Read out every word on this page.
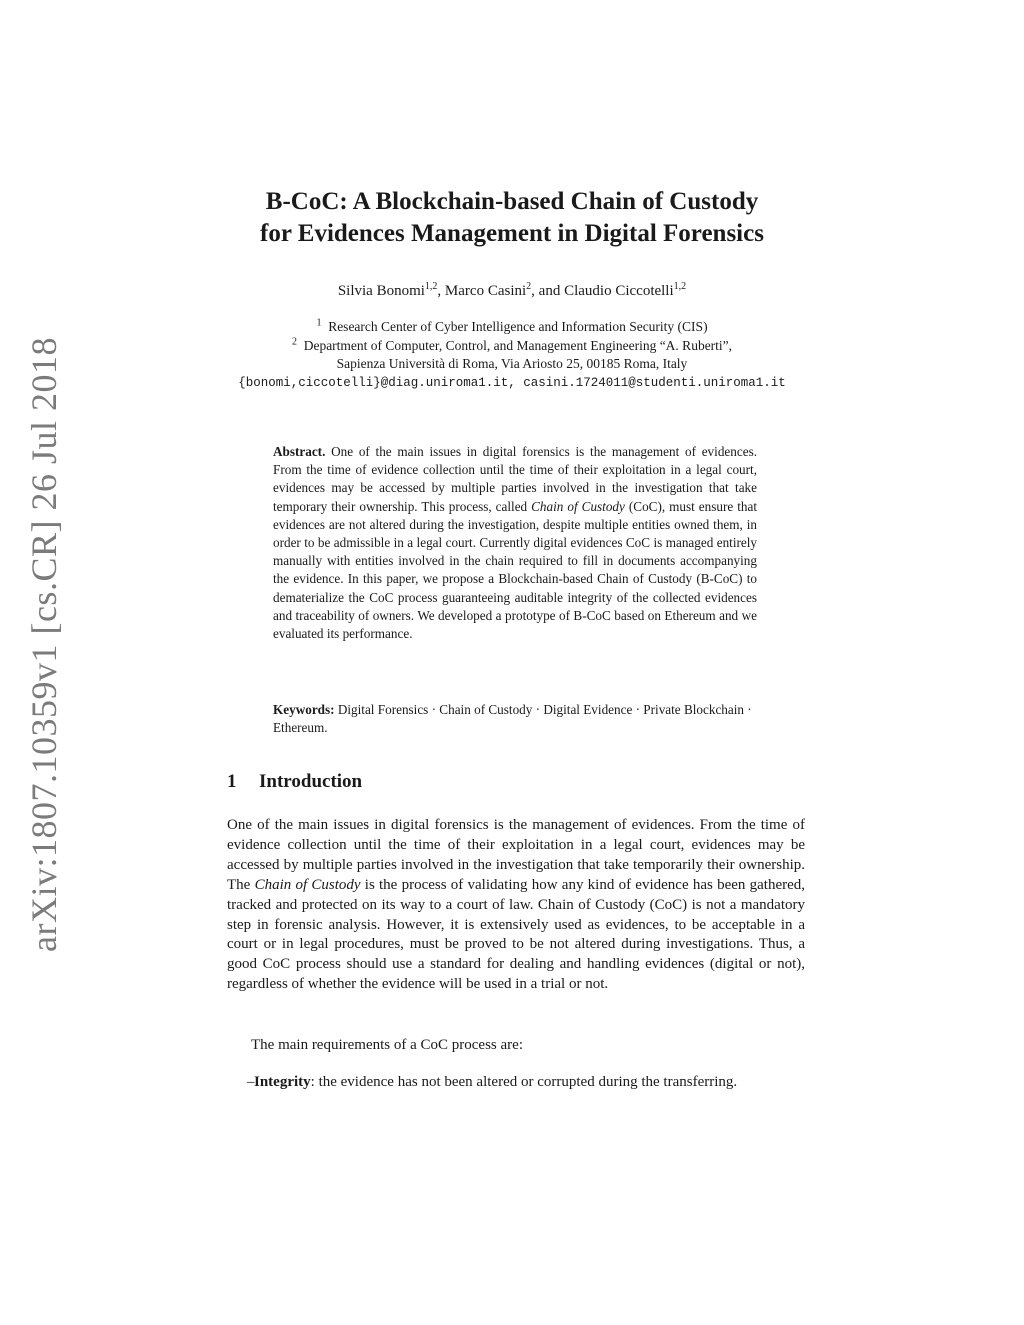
arXiv:1807.10359v1 [cs.CR] 26 Jul 2018
B-CoC: A Blockchain-based Chain of Custody
for Evidences Management in Digital Forensics
Silvia Bonomi$^{1,2}$, Marco Casini$^2$, and Claudio Ciccotelli$^{1,2}$
$^1$ Research Center of Cyber Intelligence and Information Security (CIS)
$^2$ Department of Computer, Control, and Management Engineering “A. Ruberti”,
Sapienza Università di Roma, Via Ariosto 25, 00185 Roma, Italy
{bonomi,ciccotelli}@diag.uniroma1.it, casini.1724011@studenti.uniroma1.it
Abstract. One of the main issues in digital forensics is the management of evidences. From the time of evidence collection until the time of their exploitation in a legal court, evidences may be accessed by multiple parties involved in the investigation that take temporary their ownership. This process, called Chain of Custody (CoC), must ensure that evidences are not altered during the investigation, despite multiple entities owned them, in order to be admissible in a legal court. Currently digital evidences CoC is managed entirely manually with entities involved in the chain required to fill in documents accompanying the evidence. In this paper, we propose a Blockchain-based Chain of Custody (B-CoC) to dematerialize the CoC process guaranteeing auditable integrity of the collected evidences and traceability of owners. We developed a prototype of B-CoC based on Ethereum and we evaluated its performance.
Keywords: Digital Forensics · Chain of Custody · Digital Evidence · Private Blockchain · Ethereum.
1 Introduction
One of the main issues in digital forensics is the management of evidences. From the time of evidence collection until the time of their exploitation in a legal court, evidences may be accessed by multiple parties involved in the investigation that take temporarily their ownership. The Chain of Custody is the process of validating how any kind of evidence has been gathered, tracked and protected on its way to a court of law. Chain of Custody (CoC) is not a mandatory step in forensic analysis. However, it is extensively used as evidences, to be acceptable in a court or in legal procedures, must be proved to be not altered during investigations. Thus, a good CoC process should use a standard for dealing and handling evidences (digital or not), regardless of whether the evidence will be used in a trial or not.
The main requirements of a CoC process are:
– Integrity: the evidence has not been altered or corrupted during the transferring.
